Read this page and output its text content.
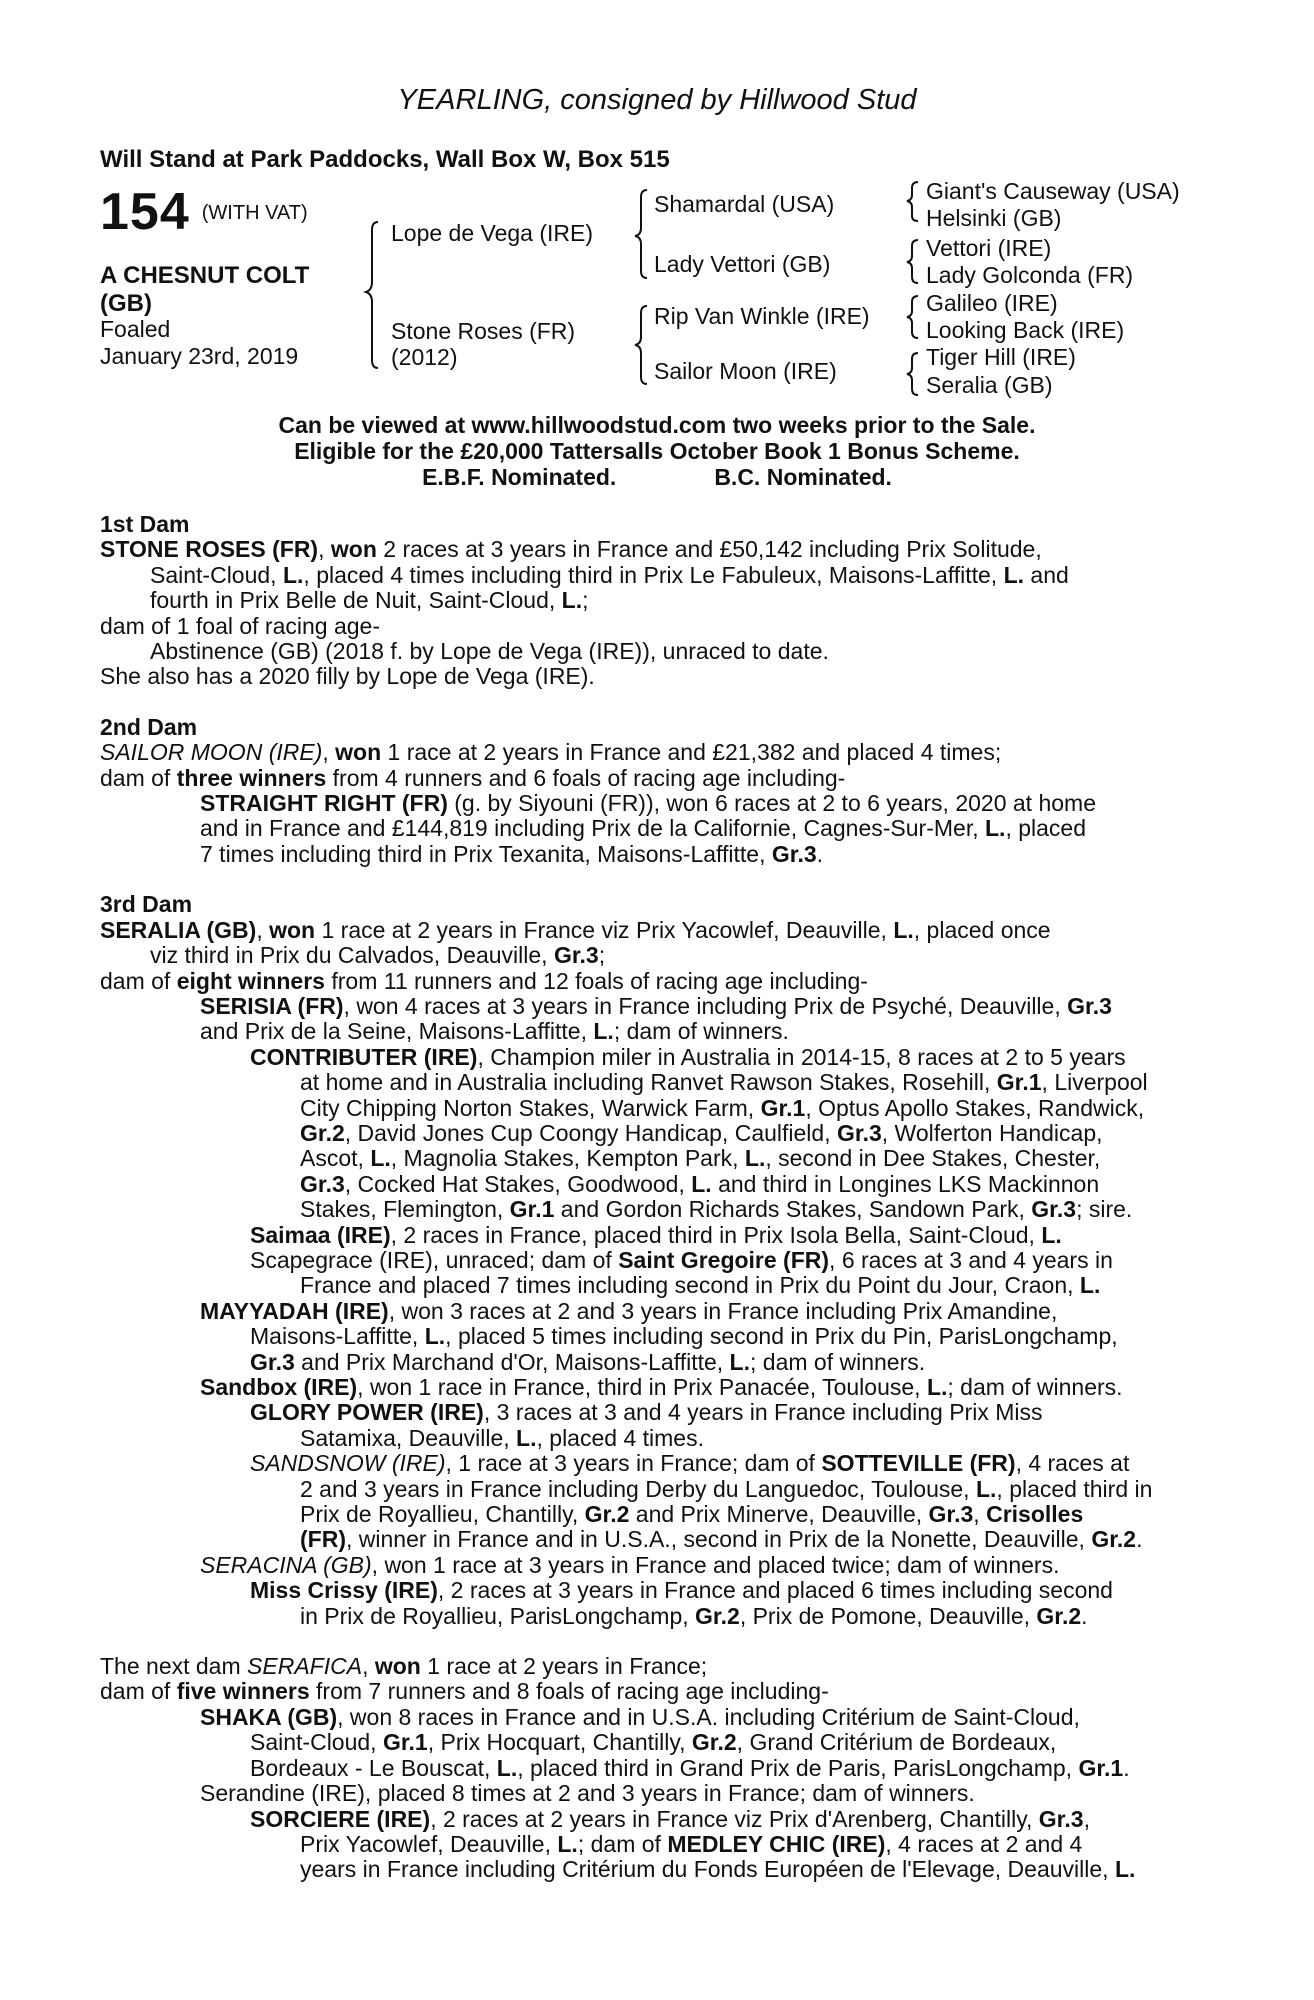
YEARLING, consigned by Hillwood Stud
Will Stand at Park Paddocks, Wall Box W, Box 515
154 (WITH VAT)
A CHESNUT COLT
(GB)
Foaled
January 23rd, 2019
Lope de Vega (IRE)
Stone Roses (FR)
(2012)
Shamardal (USA)
Lady Vettori (GB)
Rip Van Winkle (IRE)
Sailor Moon (IRE)
Giant's Causeway (USA)
Helsinki (GB)
Vettori (IRE)
Lady Golconda (FR)
Galileo (IRE)
Looking Back (IRE)
Tiger Hill (IRE)
Seralia (GB)
Can be viewed at www.hillwoodstud.com two weeks prior to the Sale.
Eligible for the £20,000 Tattersalls October Book 1 Bonus Scheme.
E.B.F. Nominated.	B.C. Nominated.
1st Dam
STONE ROSES (FR), won 2 races at 3 years in France and £50,142 including Prix Solitude,
Saint-Cloud, L., placed 4 times including third in Prix Le Fabuleux, Maisons-Laffitte, L. and
fourth in Prix Belle de Nuit, Saint-Cloud, L.;
dam of 1 foal of racing age-
Abstinence (GB) (2018 f. by Lope de Vega (IRE)), unraced to date.
She also has a 2020 filly by Lope de Vega (IRE).
2nd Dam
SAILOR MOON (IRE), won 1 race at 2 years in France and £21,382 and placed 4 times;
dam of three winners from 4 runners and 6 foals of racing age including-
STRAIGHT RIGHT (FR) (g. by Siyouni (FR)), won 6 races at 2 to 6 years, 2020 at home
and in France and £144,819 including Prix de la Californie, Cagnes-Sur-Mer, L., placed
7 times including third in Prix Texanita, Maisons-Laffitte, Gr.3.
3rd Dam
SERALIA (GB), won 1 race at 2 years in France viz Prix Yacowlef, Deauville, L., placed once
viz third in Prix du Calvados, Deauville, Gr.3;
dam of eight winners from 11 runners and 12 foals of racing age including-
SERISIA (FR), won 4 races at 3 years in France including Prix de Psyché, Deauville, Gr.3
and Prix de la Seine, Maisons-Laffitte, L.; dam of winners.
CONTRIBUTER (IRE), Champion miler in Australia in 2014-15, 8 races at 2 to 5 years
at home and in Australia including Ranvet Rawson Stakes, Rosehill, Gr.1, Liverpool
City Chipping Norton Stakes, Warwick Farm, Gr.1, Optus Apollo Stakes, Randwick,
Gr.2, David Jones Cup Coongy Handicap, Caulfield, Gr.3, Wolferton Handicap,
Ascot, L., Magnolia Stakes, Kempton Park, L., second in Dee Stakes, Chester,
Gr.3, Cocked Hat Stakes, Goodwood, L. and third in Longines LKS Mackinnon
Stakes, Flemington, Gr.1 and Gordon Richards Stakes, Sandown Park, Gr.3; sire.
Saimaa (IRE), 2 races in France, placed third in Prix Isola Bella, Saint-Cloud, L.
Scapegrace (IRE), unraced; dam of Saint Gregoire (FR), 6 races at 3 and 4 years in
France and placed 7 times including second in Prix du Point du Jour, Craon, L.
MAYYADAH (IRE), won 3 races at 2 and 3 years in France including Prix Amandine,
Maisons-Laffitte, L., placed 5 times including second in Prix du Pin, ParisLongchamp,
Gr.3 and Prix Marchand d'Or, Maisons-Laffitte, L.; dam of winners.
Sandbox (IRE), won 1 race in France, third in Prix Panacée, Toulouse, L.; dam of winners.
GLORY POWER (IRE), 3 races at 3 and 4 years in France including Prix Miss
Satamixa, Deauville, L., placed 4 times.
SANDSNOW (IRE), 1 race at 3 years in France; dam of SOTTEVILLE (FR), 4 races at
2 and 3 years in France including Derby du Languedoc, Toulouse, L., placed third in
Prix de Royallieu, Chantilly, Gr.2 and Prix Minerve, Deauville, Gr.3, Crisolles
(FR), winner in France and in U.S.A., second in Prix de la Nonette, Deauville, Gr.2.
SERACINA (GB), won 1 race at 3 years in France and placed twice; dam of winners.
Miss Crissy (IRE), 2 races at 3 years in France and placed 6 times including second
in Prix de Royallieu, ParisLongchamp, Gr.2, Prix de Pomone, Deauville, Gr.2.
The next dam SERAFICA, won 1 race at 2 years in France;
dam of five winners from 7 runners and 8 foals of racing age including-
SHAKA (GB), won 8 races in France and in U.S.A. including Critérium de Saint-Cloud,
Saint-Cloud, Gr.1, Prix Hocquart, Chantilly, Gr.2, Grand Critérium de Bordeaux,
Bordeaux - Le Bouscat, L., placed third in Grand Prix de Paris, ParisLongchamp, Gr.1.
Serandine (IRE), placed 8 times at 2 and 3 years in France; dam of winners.
SORCIERE (IRE), 2 races at 2 years in France viz Prix d'Arenberg, Chantilly, Gr.3,
Prix Yacowlef, Deauville, L.; dam of MEDLEY CHIC (IRE), 4 races at 2 and 4
years in France including Critérium du Fonds Européen de l'Elevage, Deauville, L.
